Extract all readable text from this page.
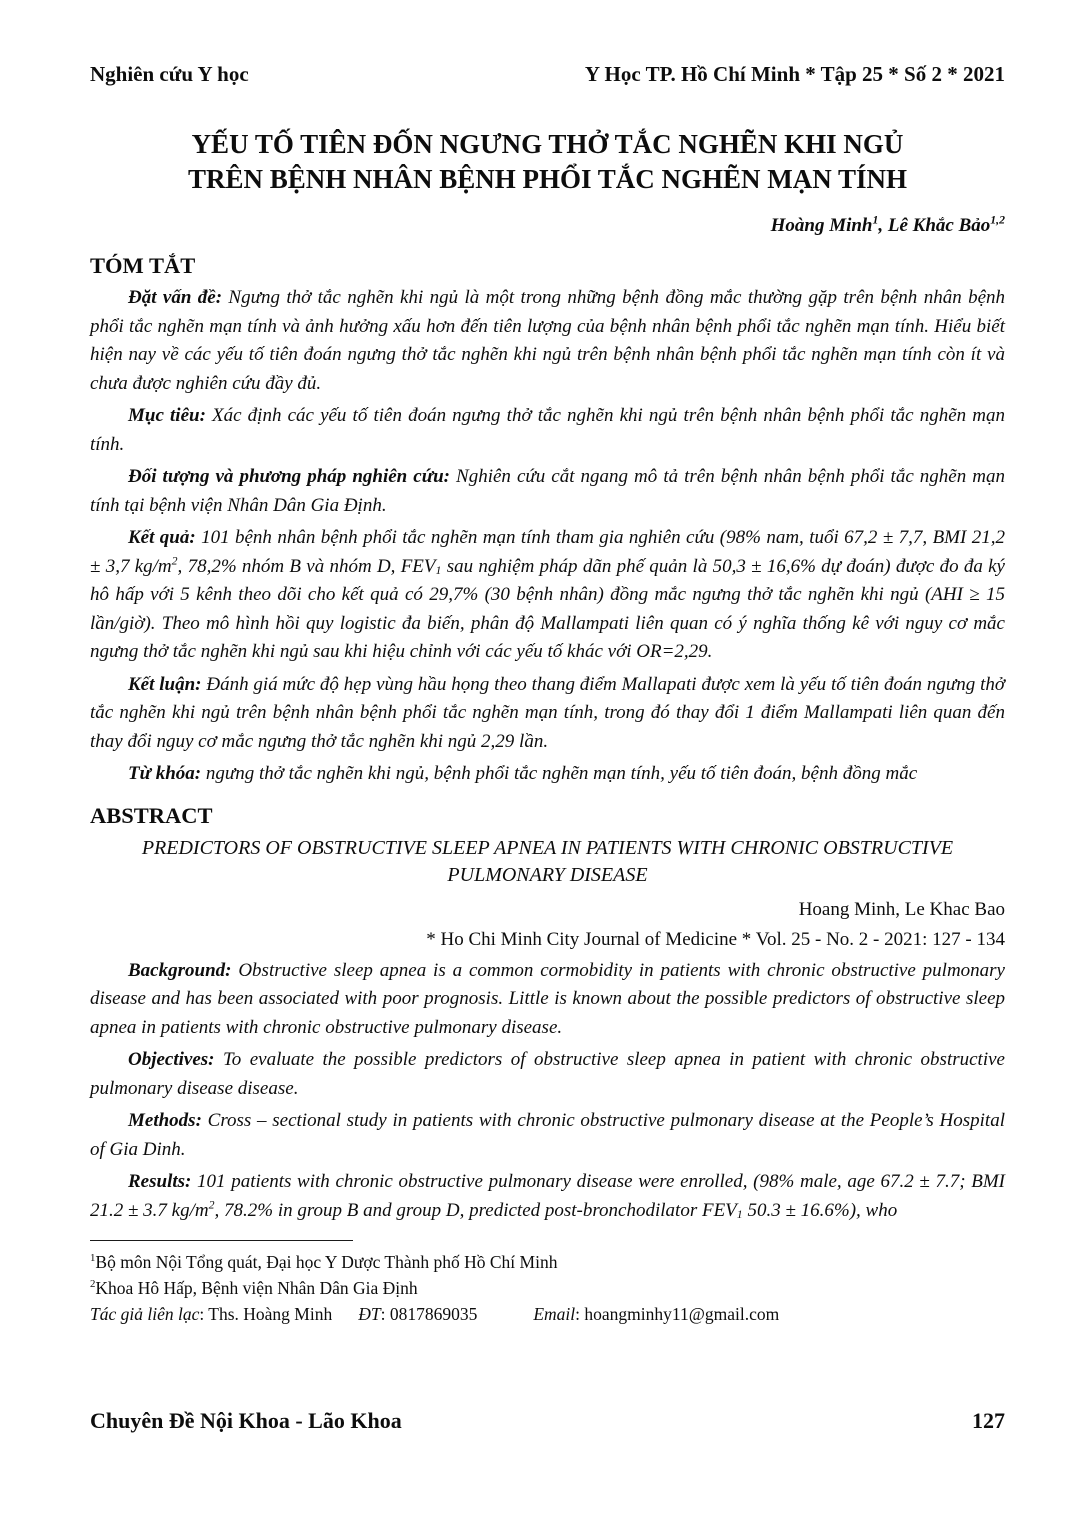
Nghiên cứu Y học	Y Học TP. Hồ Chí Minh * Tập 25 * Số 2 * 2021
YẾU TỐ TIÊN ĐỐN NGƯNG THỞ TẮC NGHẼN KHI NGỦ
TRÊN BỆNH NHÂN BỆNH PHỔI TẮC NGHẼN MẠN TÍNH
Hoàng Minh$^1$, Lê Khắc Bảo$^{1,2}$
TÓM TẮT

Đặt vấn đề: Ngưng thở tắc nghẽn khi ngủ là một trong những bệnh đồng mắc thường gặp trên bệnh nhân bệnh phổi tắc nghẽn mạn tính và ảnh hưởng xấu hơn đến tiên lượng của bệnh nhân bệnh phổi tắc nghẽn mạn tính. Hiểu biết hiện nay về các yếu tố tiên đoán ngưng thở tắc nghẽn khi ngủ trên bệnh nhân bệnh phổi tắc nghẽn mạn tính còn ít và chưa được nghiên cứu đầy đủ.

Mục tiêu: Xác định các yếu tố tiên đoán ngưng thở tắc nghẽn khi ngủ trên bệnh nhân bệnh phổi tắc nghẽn mạn tính.

Đối tượng và phương pháp nghiên cứu: Nghiên cứu cắt ngang mô tả trên bệnh nhân bệnh phổi tắc nghẽn mạn tính tại bệnh viện Nhân Dân Gia Định.

Kết quả: 101 bệnh nhân bệnh phổi tắc nghẽn mạn tính tham gia nghiên cứu (98% nam, tuổi 67,2 ± 7,7, BMI 21,2 ± 3,7 $kg/m^2$, 78,2% nhóm B và nhóm D, $FEV_1$ sau nghiệm pháp dãn phế quản là 50,3 ± 16,6% dự đoán) được đo đa ký hô hấp với 5 kênh theo dõi cho kết quả có 29,7% (30 bệnh nhân) đồng mắc ngưng thở tắc nghẽn khi ngủ (AHI ≥ 15 lần/giờ). Theo mô hình hồi quy logistic đa biến, phân độ Mallampati liên quan có ý nghĩa thống kê với nguy cơ mắc ngưng thở tắc nghẽn khi ngủ sau khi hiệu chỉnh với các yếu tố khác với OR=2,29.

Kết luận: Đánh giá mức độ hẹp vùng hầu họng theo thang điểm Mallapati được xem là yếu tố tiên đoán ngưng thở tắc nghẽn khi ngủ trên bệnh nhân bệnh phổi tắc nghẽn mạn tính, trong đó thay đổi 1 điểm Mallampati liên quan đến thay đổi nguy cơ mắc ngưng thở tắc nghẽn khi ngủ 2,29 lần.

Từ khóa: ngưng thở tắc nghẽn khi ngủ, bệnh phổi tắc nghẽn mạn tính, yếu tố tiên đoán, bệnh đồng mắc

ABSTRACT
PREDICTORS OF OBSTRUCTIVE SLEEP APNEA IN PATIENTS WITH CHRONIC OBSTRUCTIVE
PULMONARY DISEASE
Hoang Minh, Le Khac Bao
* Ho Chi Minh City Journal of Medicine * Vol. 25 - No. 2 - 2021: 127 - 134

Background: Obstructive sleep apnea is a common cormobidity in patients with chronic obstructive pulmonary disease and has been associated with poor prognosis. Little is known about the possible predictors of obstructive sleep apnea in patients with chronic obstructive pulmonary disease.

Objectives: To evaluate the possible predictors of obstructive sleep apnea in patient with chronic obstructive pulmonary disease disease.

Methods: Cross – sectional study in patients with chronic obstructive pulmonary disease at the People’s Hospital of Gia Dinh.

Results: 101 patients with chronic obstructive pulmonary disease were enrolled, (98% male, age 67.2 ± 7.7; BMI 21.2 ± 3.7 $kg/m^2$, 78.2% in group B and group D, predicted post-bronchodilator $FEV_1$ 50.3 ± 16.6%), who

$^1$Bộ môn Nội Tổng quát, Đại học Y Dược Thành phố Hồ Chí Minh
$^2$Khoa Hô Hấp, Bệnh viện Nhân Dân Gia Định
Tác giả liên lạc: Ths. Hoàng Minh ĐT: 0817869035	Email: hoangminhy11@gmail.com
Chuyên Đề Nội Khoa - Lão Khoa	127
